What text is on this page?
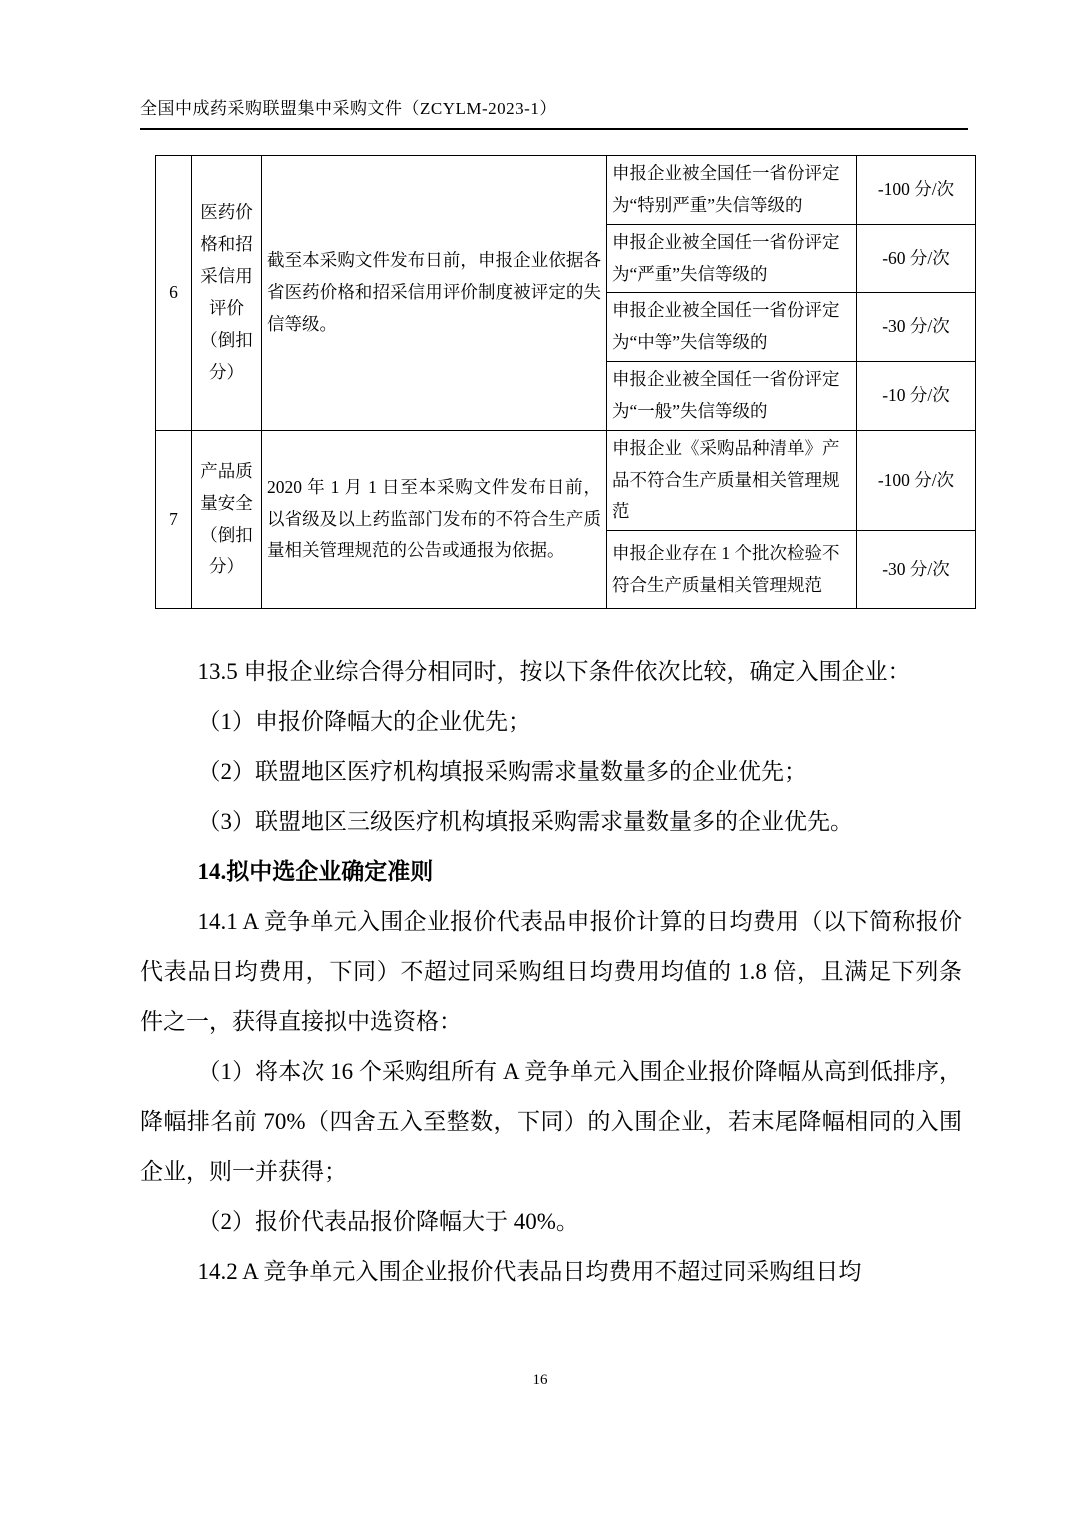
全国中成药采购联盟集中采购文件（ZCYLM-2023-1）
6	医药价格和招采信用评价（倒扣分）	截至本采购文件发布日前，申报企业依据各省医药价格和招采信用评价制度被评定的失信等级。	申报企业被全国任一省份评定为“特别严重”失信等级的	-100 分/次
			申报企业被全国任一省份评定为“严重”失信等级的	-60 分/次
			申报企业被全国任一省份评定为“中等”失信等级的	-30 分/次
			申报企业被全国任一省份评定为“一般”失信等级的	-10 分/次
7	产品质量安全（倒扣分）	2020 年 1 月 1 日至本采购文件发布日前，以省级及以上药监部门发布的不符合生产质量相关管理规范的公告或通报为依据。	申报企业《采购品种清单》产品不符合生产质量相关管理规范	-100 分/次
			申报企业存在 1 个批次检验不符合生产质量相关管理规范	-30 分/次

13.5 申报企业综合得分相同时，按以下条件依次比较，确定入围企业：

（1）申报价降幅大的企业优先；

（2）联盟地区医疗机构填报采购需求量数量多的企业优先；

（3）联盟地区三级医疗机构填报采购需求量数量多的企业优先。

14.拟中选企业确定准则

14.1 A 竞争单元入围企业报价代表品申报价计算的日均费用（以下简称报价代表品日均费用，下同）不超过同采购组日均费用均值的 1.8 倍，且满足下列条件之一，获得直接拟中选资格：

（1）将本次 16 个采购组所有 A 竞争单元入围企业报价降幅从高到低排序，降幅排名前 70%（四舍五入至整数，下同）的入围企业，若末尾降幅相同的入围企业，则一并获得；

（2）报价代表品报价降幅大于 40%。

14.2 A 竞争单元入围企业报价代表品日均费用不超过同采购组日均

16
